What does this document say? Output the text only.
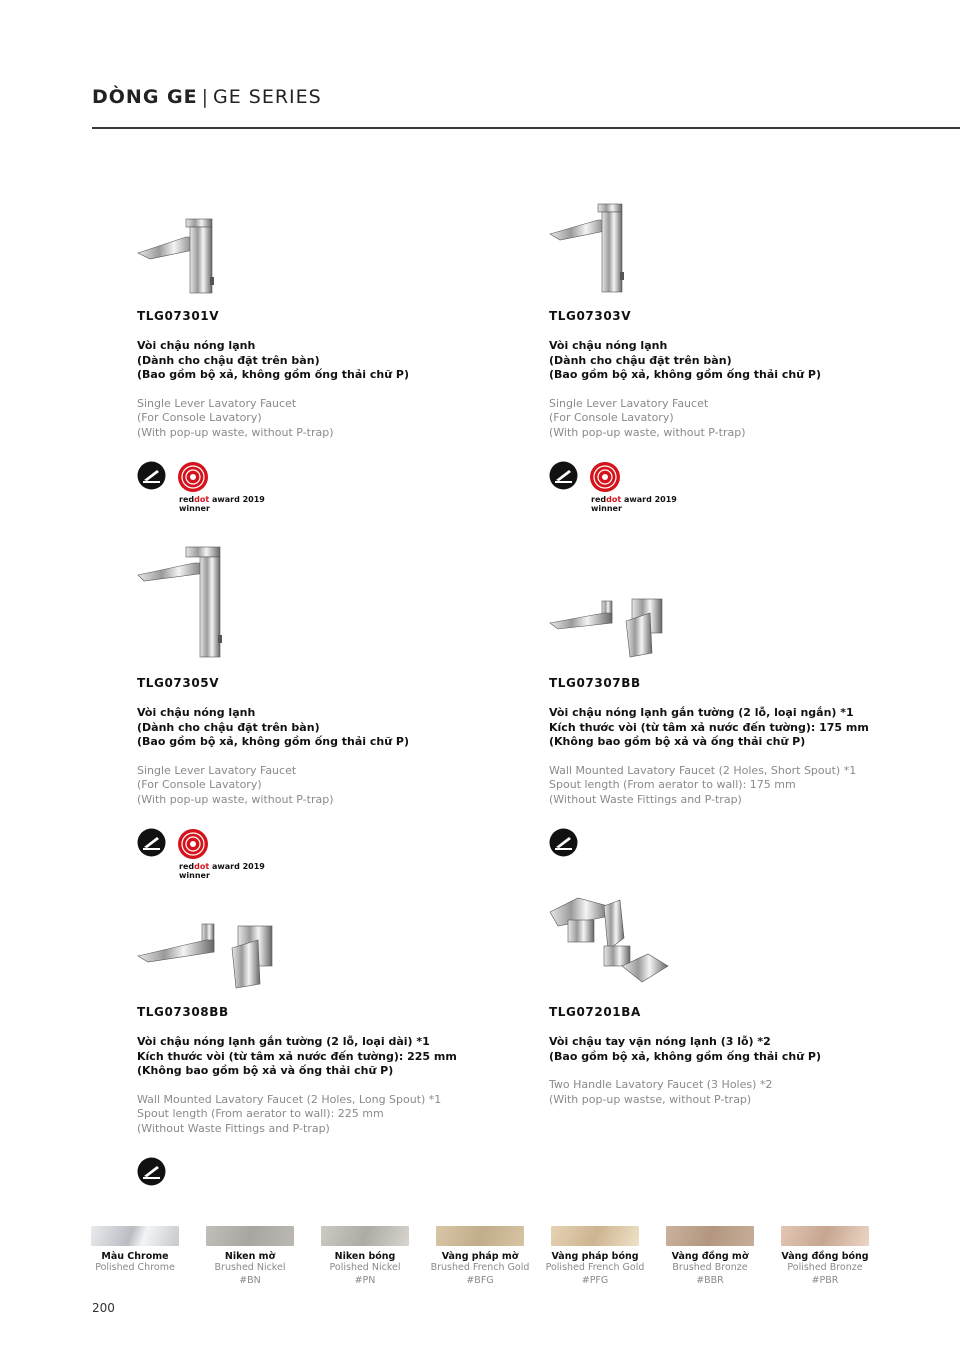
DÒNG GE | GE SERIES
TLG07301V
Vòi chậu nóng lạnh
(Dành cho chậu đặt trên bàn)
(Bao gồm bộ xả, không gồm ống thải chữ P)
Single Lever Lavatory Faucet
(For Console Lavatory)
(With pop-up waste, without P-trap)
reddot award 2019
winner
TLG07303V
Vòi chậu nóng lạnh
(Dành cho chậu đặt trên bàn)
(Bao gồm bộ xả, không gồm ống thải chữ P)
Single Lever Lavatory Faucet
(For Console Lavatory)
(With pop-up waste, without P-trap)
reddot award 2019
winner
TLG07305V
Vòi chậu nóng lạnh
(Dành cho chậu đặt trên bàn)
(Bao gồm bộ xả, không gồm ống thải chữ P)
Single Lever Lavatory Faucet
(For Console Lavatory)
(With pop-up waste, without P-trap)
reddot award 2019
winner
TLG07307BB
Vòi chậu nóng lạnh gắn tường (2 lỗ, loại ngắn) *1
Kích thước vòi (từ tâm xả nước đến tường): 175 mm
(Không bao gồm bộ xả và ống thải chữ P)
Wall Mounted Lavatory Faucet (2 Holes, Short Spout) *1
Spout length (From aerator to wall): 175 mm
(Without Waste Fittings and P-trap)
TLG07308BB
Vòi chậu nóng lạnh gắn tường (2 lỗ, loại dài) *1
Kích thước vòi (từ tâm xả nước đến tường): 225 mm
(Không bao gồm bộ xả và ống thải chữ P)
Wall Mounted Lavatory Faucet (2 Holes, Long Spout) *1
Spout length (From aerator to wall): 225 mm
(Without Waste Fittings and P-trap)
TLG07201BA
Vòi chậu tay vặn nóng lạnh (3 lỗ) *2
(Bao gồm bộ xả, không gồm ống thải chữ P)
Two Handle Lavatory Faucet (3 Holes) *2
(With pop-up wastse, without P-trap)
Màu Chrome
Polished Chrome
Niken mờ
Brushed Nickel
#BN
Niken bóng
Polished Nickel
#PN
Vàng pháp mờ
Brushed French Gold
#BFG
Vàng pháp bóng
Polished French Gold
#PFG
Vàng đồng mờ
Brushed Bronze
#BBR
Vàng đồng bóng
Polished Bronze
#PBR
200
